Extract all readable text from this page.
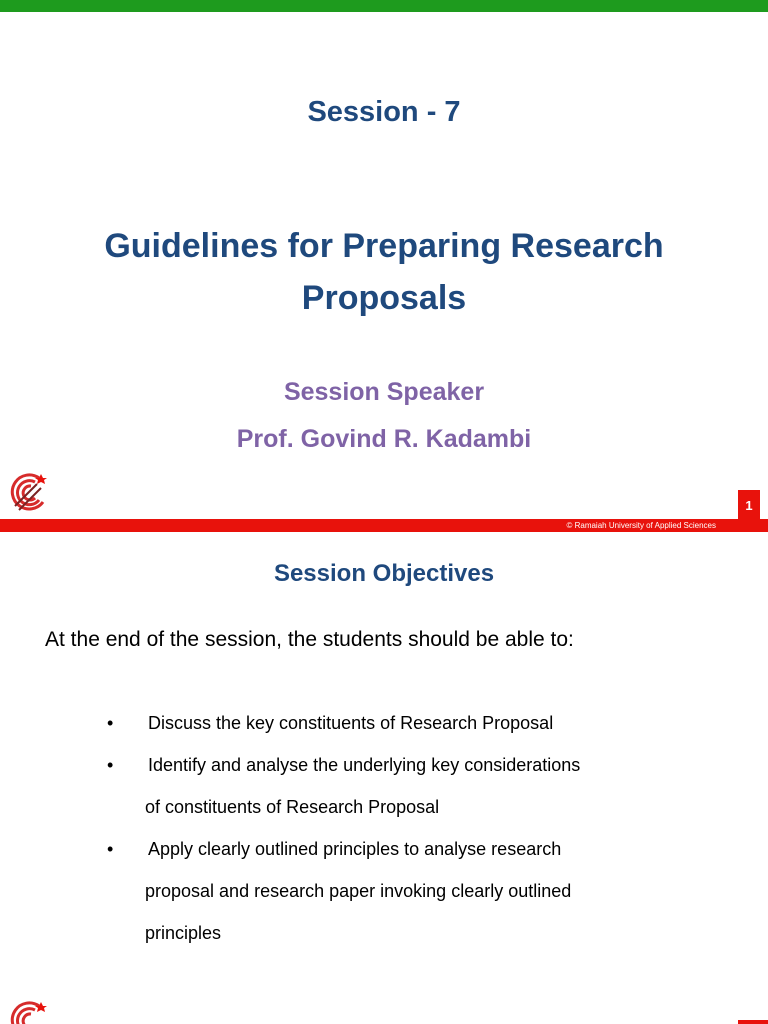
Session - 7
Guidelines for Preparing Research
Proposals
Session Speaker
Prof. Govind R. Kadambi
1
© Ramaiah University of Applied Sciences
Session Objectives
At the end of the session, the students should be able to:
• Discuss the key constituents of Research Proposal
• Identify and analyse the underlying key considerations
of constituents of Research Proposal
• Apply clearly outlined principles to analyse research
proposal and research paper invoking clearly outlined
principles
